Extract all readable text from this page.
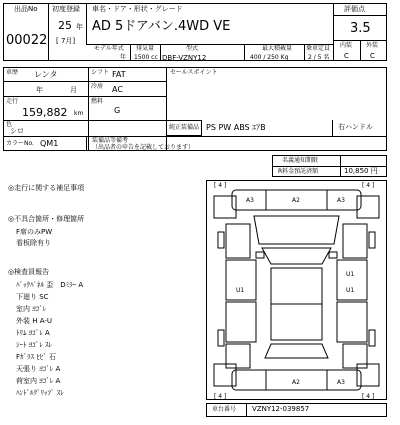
出品No
00022
初度登録
25 年
[ 7月]
車名・ドア・形状・グレード
AD 5ドアバン.4WD VE
評価点
3.5
モデル年式
年
排気量
1500 cc
型式
DBF-VZNY12
最大積載量
400 / 250 Kg
乗車定員
2 / 5 名
内装 外装
C	C
車歴 レンタ	シフト FAT
年	月 冷房 AC
走行
159,882 km
燃料
G
色
シロ
セールスポイント
純正装備品 PS PW ABS ｴｱB	右ハンドル
カラーNo. QM1	装備品等備考
（出品者の申告を記載しております）
名義通知期限
R料金預託済額	10,850 円
◎走行に関する補足事項
◎不具合箇所・修理箇所
F席のみPW
看板除有り
◎検査員報告
ﾊﾞｯｸﾊﾟﾈﾙ 歪　Dﾐﾗｰ A
下廻り SC
室内 ﾖｺﾞﾚ
外装 H A-U
ﾄﾘﾑ ﾖｺﾞﾚ A
ｼｰﾄ ﾖｺﾞﾚ ｽﾚ
Fｶﾞﾗｽ ﾋﾋﾞ 石
天張り ﾖｺﾞﾚ A
荷室内 ﾖｺﾞﾚ A
ﾊﾝﾄﾞﾙｸﾞﾘｯﾌﾟ ｽﾚ
[ 4 ]	[ 4 ]
[ 4 ]	[ 4 ]
A3	A2	A3
U1
U1	U1
A2	A3
車台番号 VZNY12-039857
